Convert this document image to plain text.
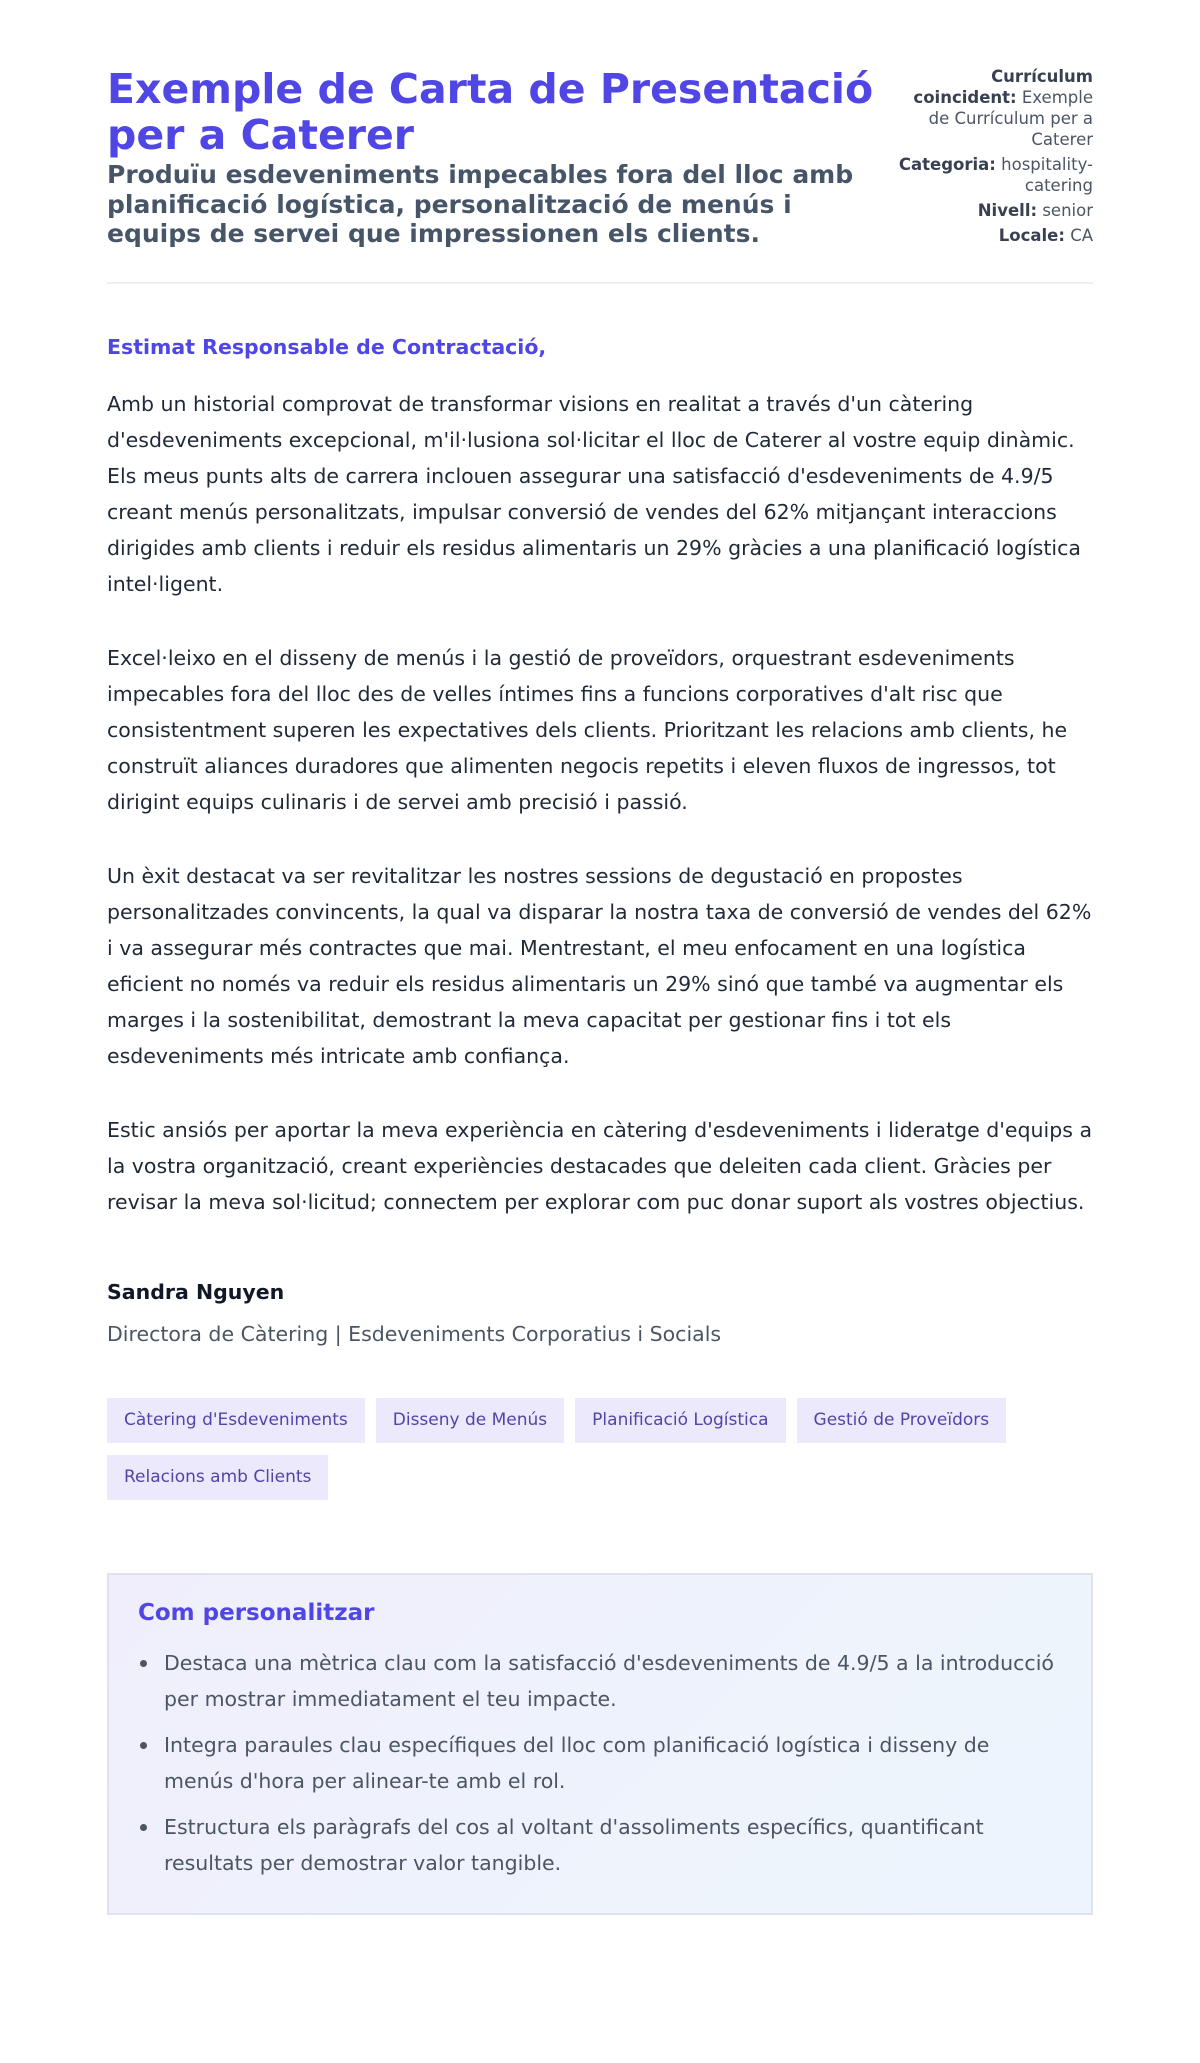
Exemple de Carta de Presentació per a Caterer
Produïu esdeveniments impecables fora del lloc amb planificació logística, personalització de menús i equips de servei que impressionen els clients.
Currículum coincident: Exemple de Currículum per a Caterer
Categoria: hospitality-catering
Nivell: senior
Locale: CA

Estimat Responsable de Contractació,

Amb un historial comprovat de transformar visions en realitat a través d'un càtering d'esdeveniments excepcional, m'il·lusiona sol·licitar el lloc de Caterer al vostre equip dinàmic. Els meus punts alts de carrera inclouen assegurar una satisfacció d'esdeveniments de 4.9/5 creant menús personalitzats, impulsar conversió de vendes del 62% mitjançant interaccions dirigides amb clients i reduir els residus alimentaris un 29% gràcies a una planificació logística intel·ligent.

Excel·leixo en el disseny de menús i la gestió de proveïdors, orquestrant esdeveniments impecables fora del lloc des de velles íntimes fins a funcions corporatives d'alt risc que consistentment superen les expectatives dels clients. Prioritzant les relacions amb clients, he construït aliances duradores que alimenten negocis repetits i eleven fluxos de ingressos, tot dirigint equips culinaris i de servei amb precisió i passió.

Un èxit destacat va ser revitalitzar les nostres sessions de degustació en propostes personalitzades convincents, la qual va disparar la nostra taxa de conversió de vendes del 62% i va assegurar més contractes que mai. Mentrestant, el meu enfocament en una logística eficient no només va reduir els residus alimentaris un 29% sinó que també va augmentar els marges i la sostenibilitat, demostrant la meva capacitat per gestionar fins i tot els esdeveniments més intricate amb confiança.

Estic ansiós per aportar la meva experiència en càtering d'esdeveniments i lideratge d'equips a la vostra organització, creant experiències destacades que deleiten cada client. Gràcies per revisar la meva sol·licitud; connectem per explorar com puc donar suport als vostres objectius.

Sandra Nguyen
Directora de Càtering | Esdeveniments Corporatius i Socials
Càtering d'Esdeveniments	Disseny de Menús	Planificació Logística	Gestió de Proveïdors
Relacions amb Clients
Com personalitzar
Destaca una mètrica clau com la satisfacció d'esdeveniments de 4.9/5 a la introducció per mostrar immediatament el teu impacte.
Integra paraules clau específiques del lloc com planificació logística i disseny de menús d'hora per alinear-te amb el rol.
Estructura els paràgrafs del cos al voltant d'assoliments específics, quantificant resultats per demostrar valor tangible.
